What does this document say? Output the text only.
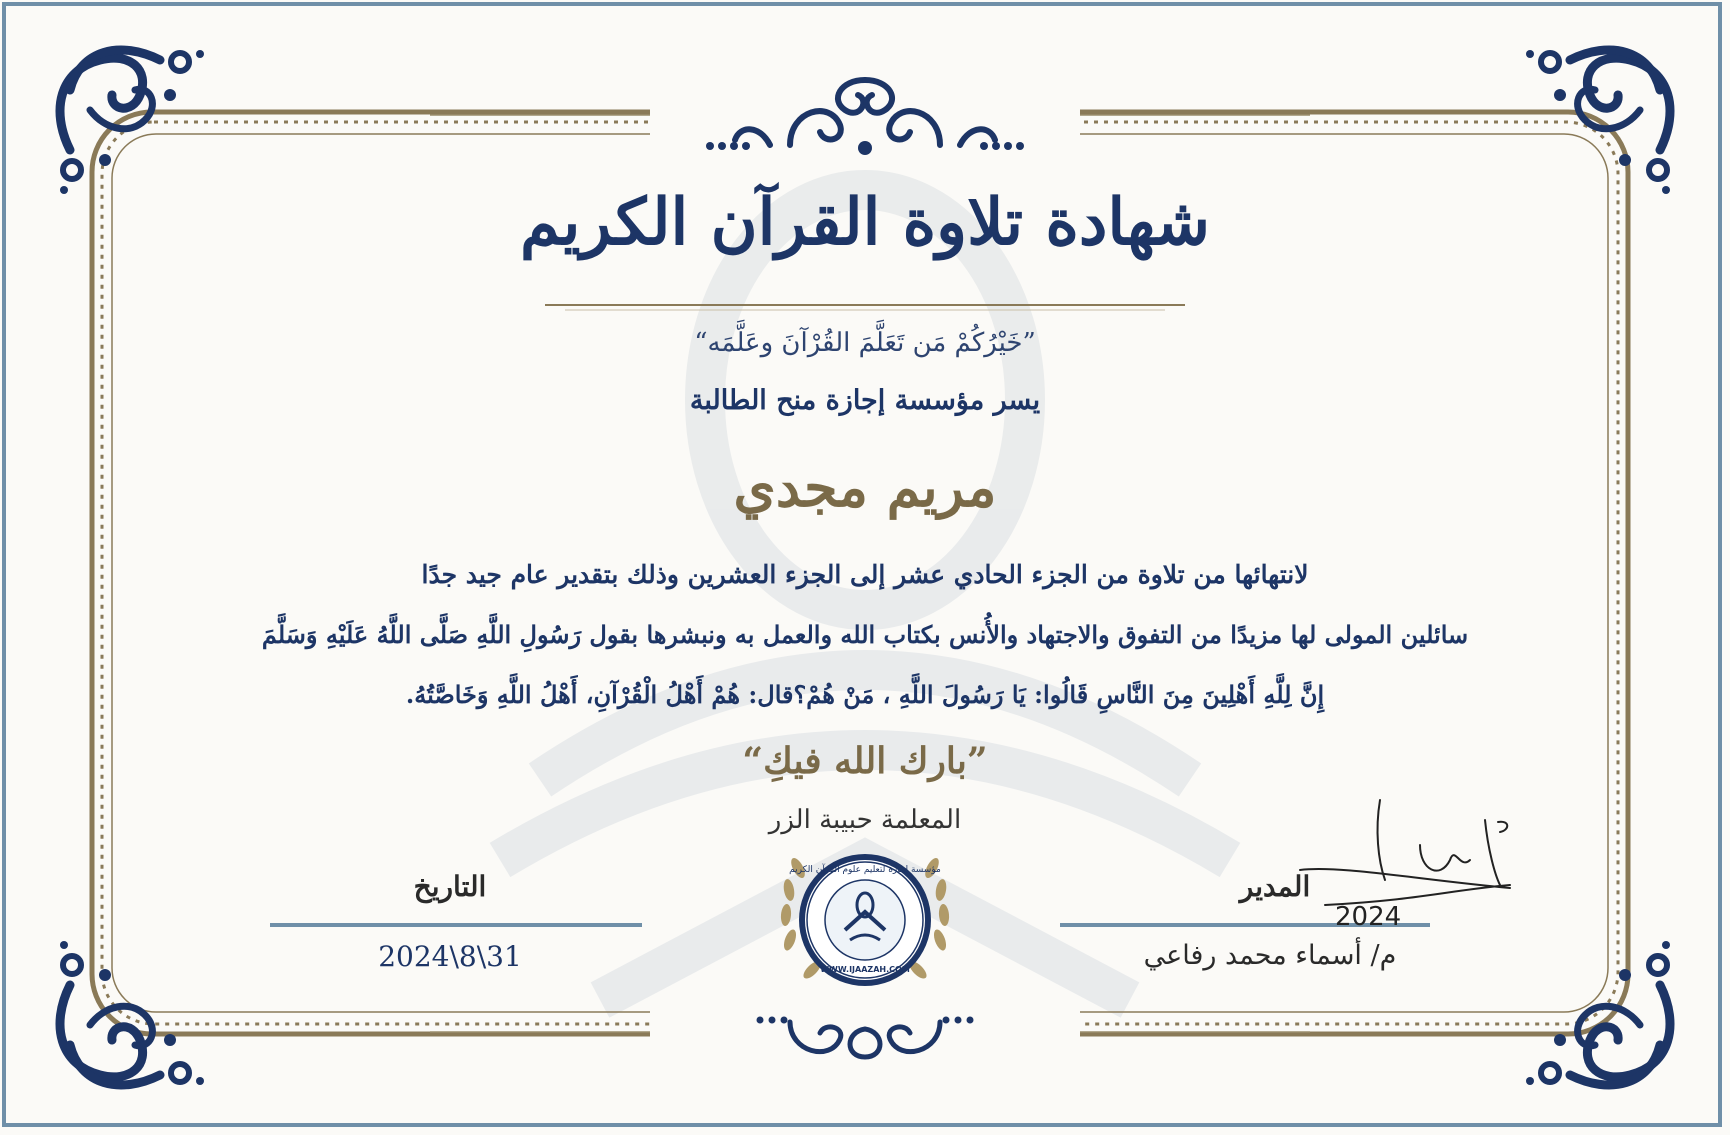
مؤسسة إجازة لتعليم علوم القرآن الكريم
WWW.IJAAZAH.COM
2024
شهادة تلاوة القرآن الكريم
”خَيْرُكُمْ مَن تَعَلَّمَ القُرْآنَ وعَلَّمَه“
يسر مؤسسة إجازة منح الطالبة
مريم مجدي
لانتهائها من تلاوة من الجزء الحادي عشر إلى الجزء العشرين وذلك بتقدير عام جيد جدًا
سائلين المولى لها مزيدًا من التفوق والاجتهاد والأُنس بكتاب الله والعمل به ونبشرها بقول رَسُولِ اللَّهِ صَلَّى اللَّهُ عَلَيْهِ وَسَلَّمَ
إِنَّ لِلَّهِ أَهْلِينَ مِنَ النَّاسِ قَالُوا: يَا رَسُولَ اللَّهِ ، مَنْ هُمْ؟قال: هُمْ أَهْلُ الْقُرْآنِ، أَهْلُ اللَّهِ وَخَاصَّتُهُ.
”بارك الله فيكِ“
المعلمة حبيبة الزر
التاريخ
2024\8\31
المدير
م/ أسماء محمد رفاعي
